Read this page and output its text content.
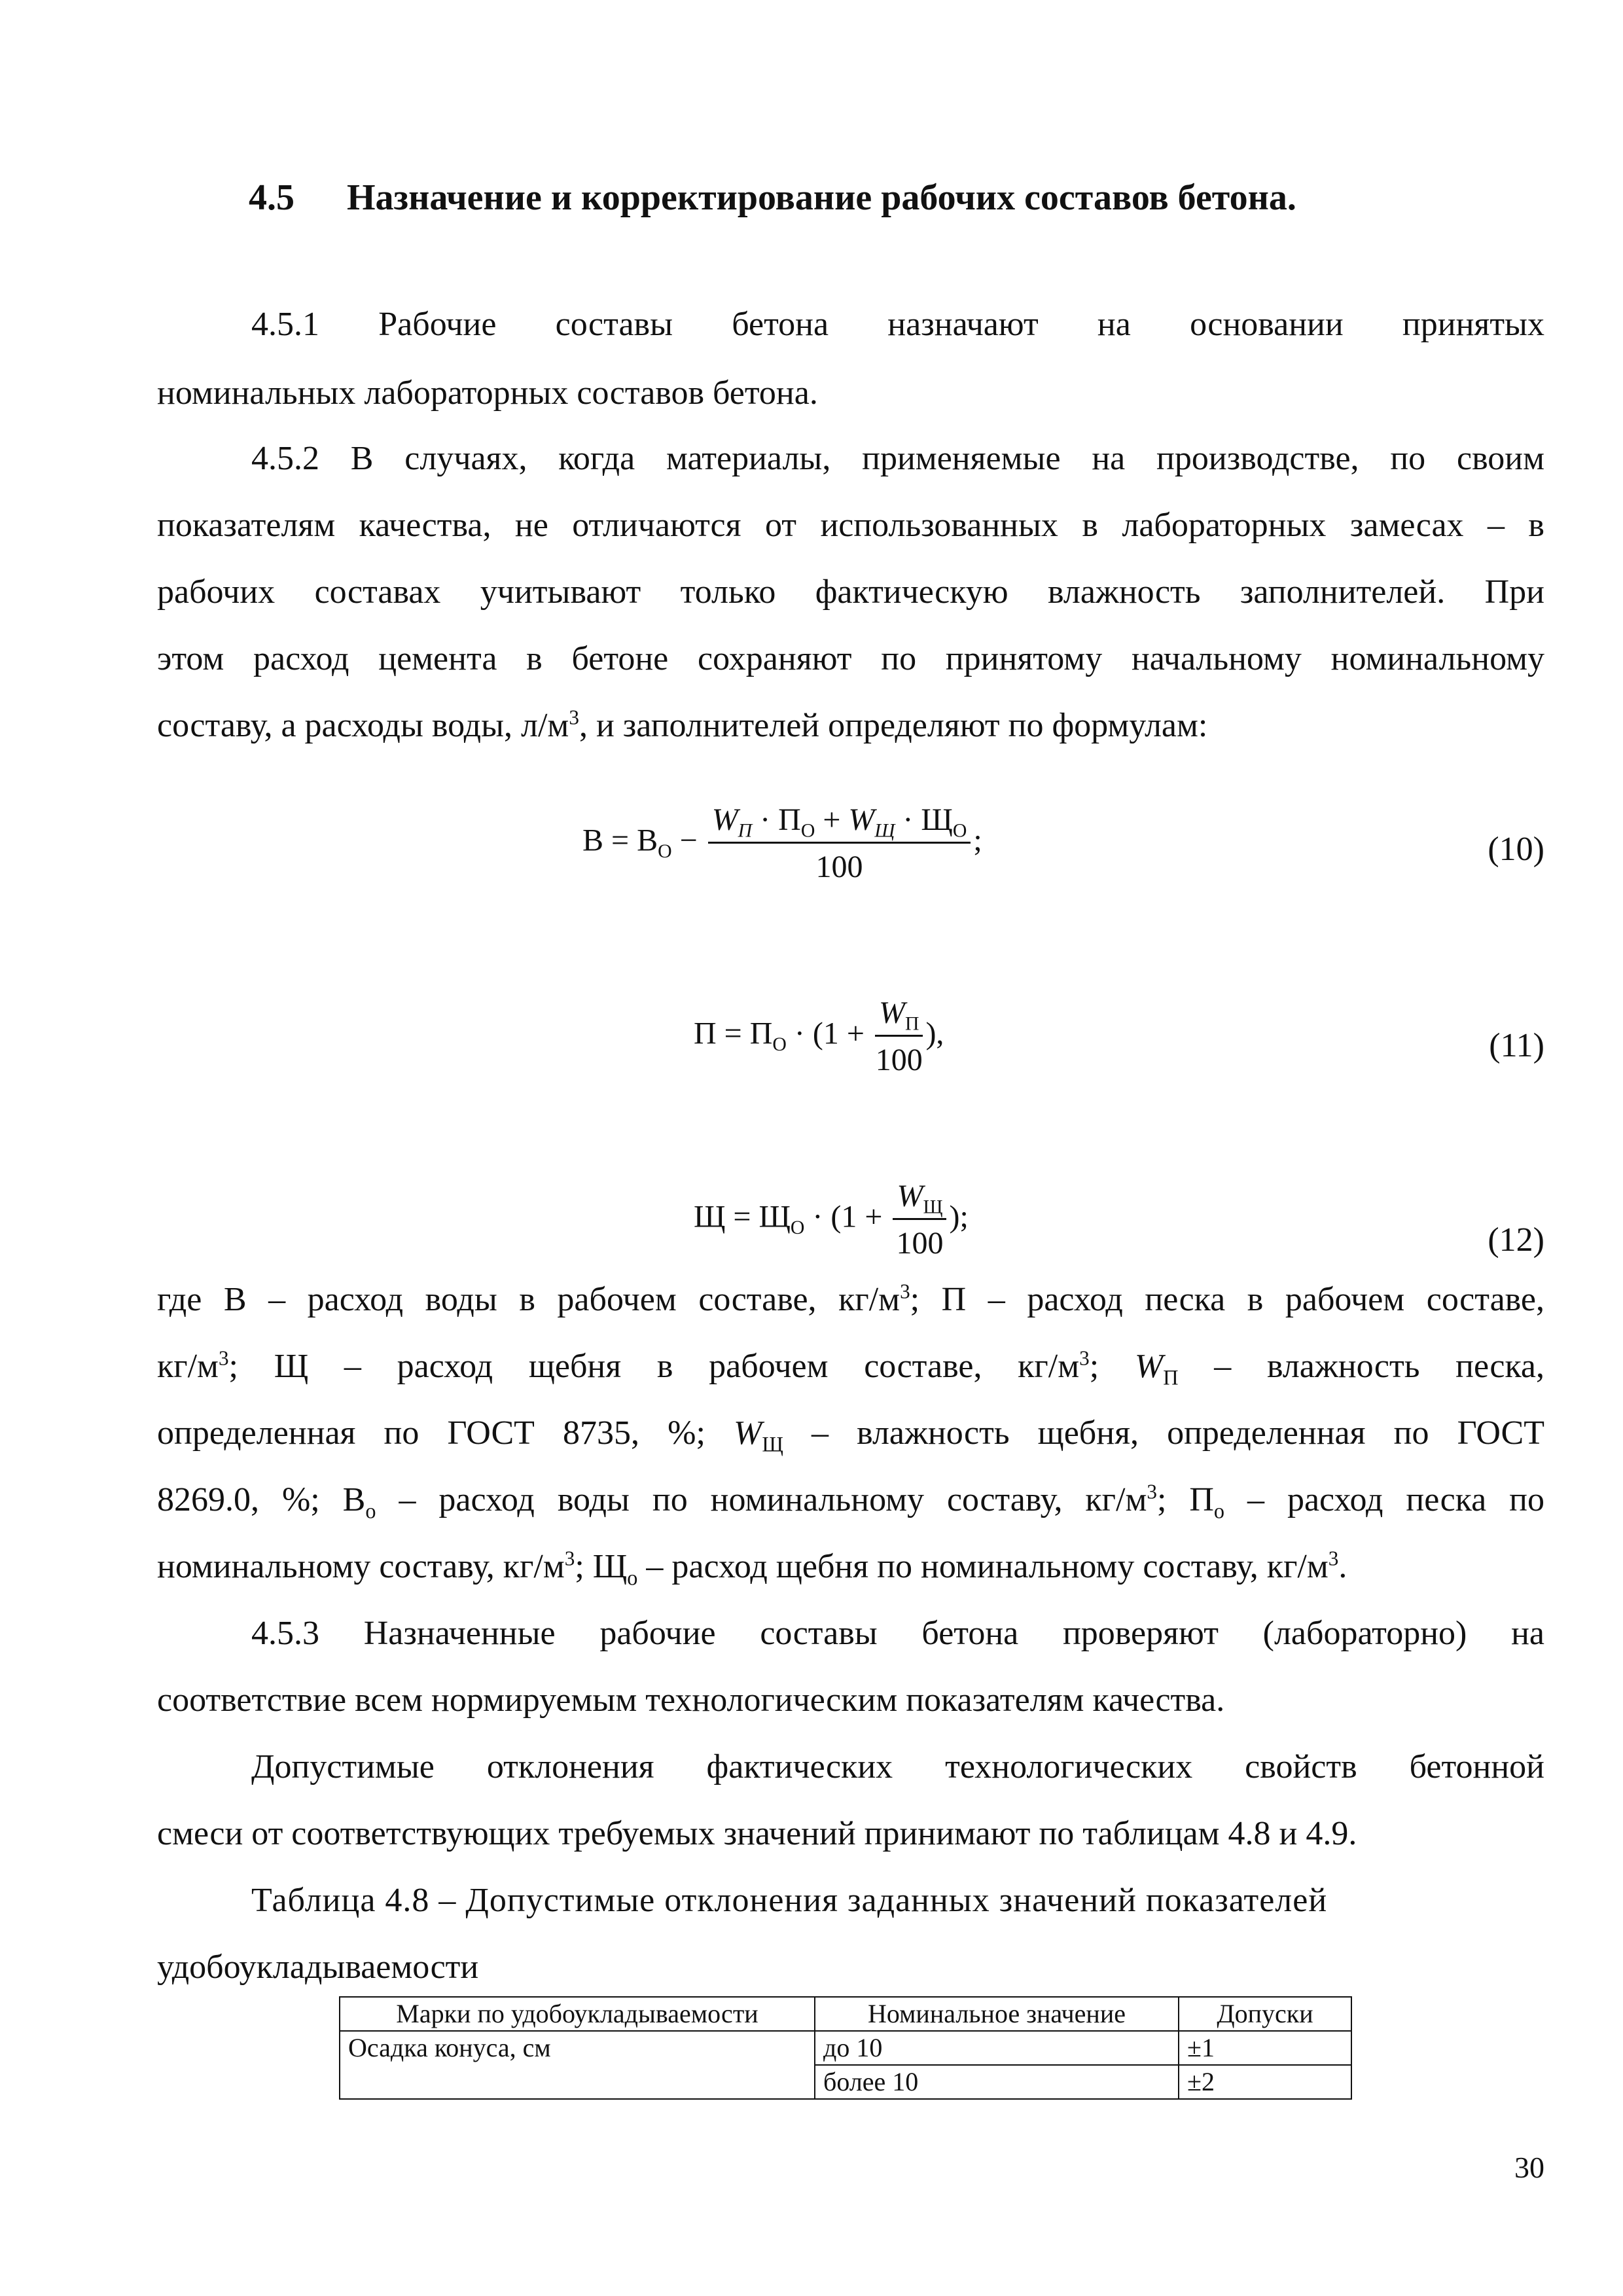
4.5 Назначение и корректирование рабочих составов бетона.
4.5.1 Рабочие составы бетона назначают на основании принятых
номинальных лабораторных составов бетона.
4.5.2 В случаях, когда материалы, применяемые на производстве, по своим
показателям качества, не отличаются от использованных в лабораторных замесах – в
рабочих составах учитывают только фактическую влажность заполнителей. При
этом расход цемента в бетоне сохраняют по принятому начальному номинальному
составу, а расходы воды, $л/м^3$, и заполнителей определяют по формулам:
$В = В_О - \frac{W_П \cdot П_О + W_Щ \cdot Щ_О}{100}$ ;	(10)
$П = П_О \cdot (1 + \frac{W_П}{100}$ ),	(11)
$Щ = Щ_О \cdot (1 + \frac{W_Щ}{100}$ );
(12)
где В – расход воды в рабочем составе, $кг/м^3$; П – расход песка в рабочем составе,
$кг/м^3$; Щ – расход щебня в рабочем составе, $кг/м^3$; $W_П$ – влажность песка,
определенная по ГОСТ 8735, %; $W_Щ$ – влажность щебня, определенная по ГОСТ
8269.0, %; $В_о$ – расход воды по номинальному составу, $кг/м^3$; $П_о$ – расход песка по
номинальному составу, $кг/м^3$; $Щ_о$ – расход щебня по номинальному составу, $кг/м^3$.
4.5.3 Назначенные рабочие составы бетона проверяют (лабораторно) на
соответствие всем нормируемым технологическим показателям качества.
Допустимые отклонения фактических технологических свойств бетонной
смеси от соответствующих требуемых значений принимают по таблицам 4.8 и 4.9.
Таблица 4.8 – Допустимые отклонения заданных значений показателей
удобоукладываемости
Марки по удобоукладываемости	Номинальное значение	Допуски
Осадка конуса, см	до 10	±1
	более 10	±2
30
